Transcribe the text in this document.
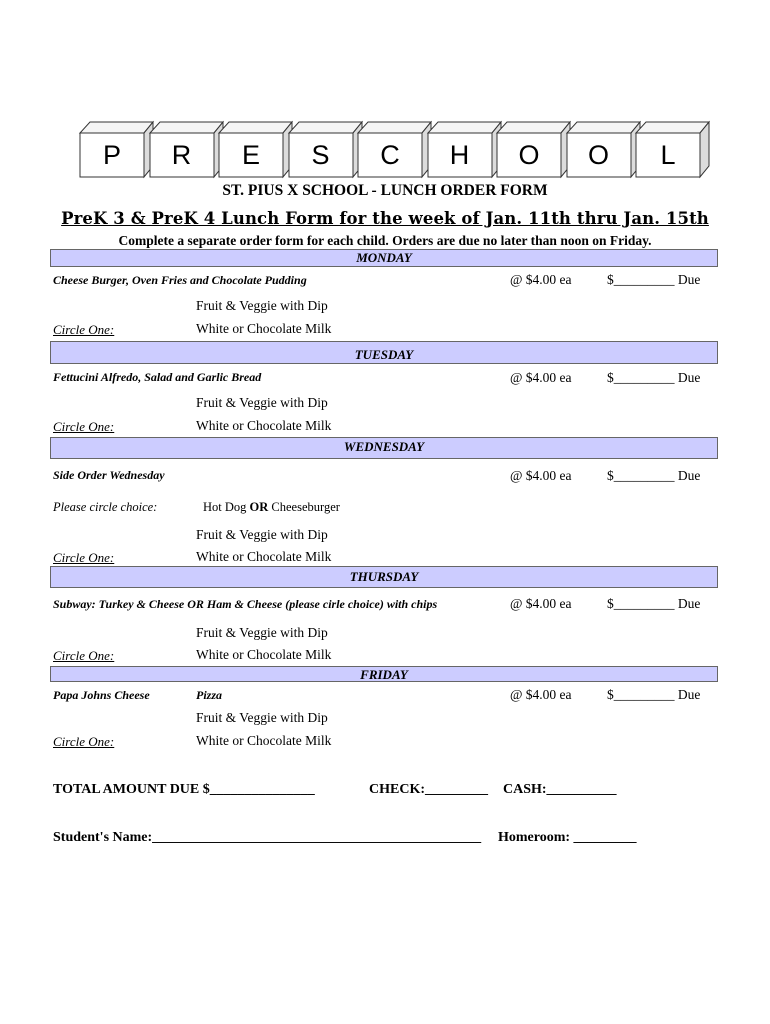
P	R	E	S	C	H	O	O	L
ST. PIUS X SCHOOL - LUNCH ORDER FORM
PreK 3 & PreK 4 Lunch Form for the week of Jan. 11th thru Jan. 15th
Complete a separate order form for each child. Orders are due no later than noon on Friday.
MONDAY
Cheese Burger, Oven Fries and Chocolate Pudding	@ $4.00 ea	$_________ Due
Fruit & Veggie with Dip
Circle One:	White or Chocolate Milk
TUESDAY
Fettucini Alfredo, Salad and Garlic Bread	@ $4.00 ea	$_________ Due
Fruit & Veggie with Dip
Circle One:	White or Chocolate Milk
WEDNESDAY
Side Order Wednesday	@ $4.00 ea	$_________ Due
Please circle choice:	Hot Dog OR Cheeseburger
Fruit & Veggie with Dip
Circle One:	White or Chocolate Milk
THURSDAY
Subway: Turkey & Cheese OR Ham & Cheese (please cirle choice) with chips	@ $4.00 ea	$_________ Due
Fruit & Veggie with Dip
Circle One:	White or Chocolate Milk
FRIDAY
Papa Johns Cheese	Pizza	@ $4.00 ea	$_________ Due
Fruit & Veggie with Dip
Circle One:	White or Chocolate Milk
TOTAL AMOUNT DUE $_______________	CHECK:_________ CASH:__________
Student's Name:_______________________________________________ Homeroom: _________
